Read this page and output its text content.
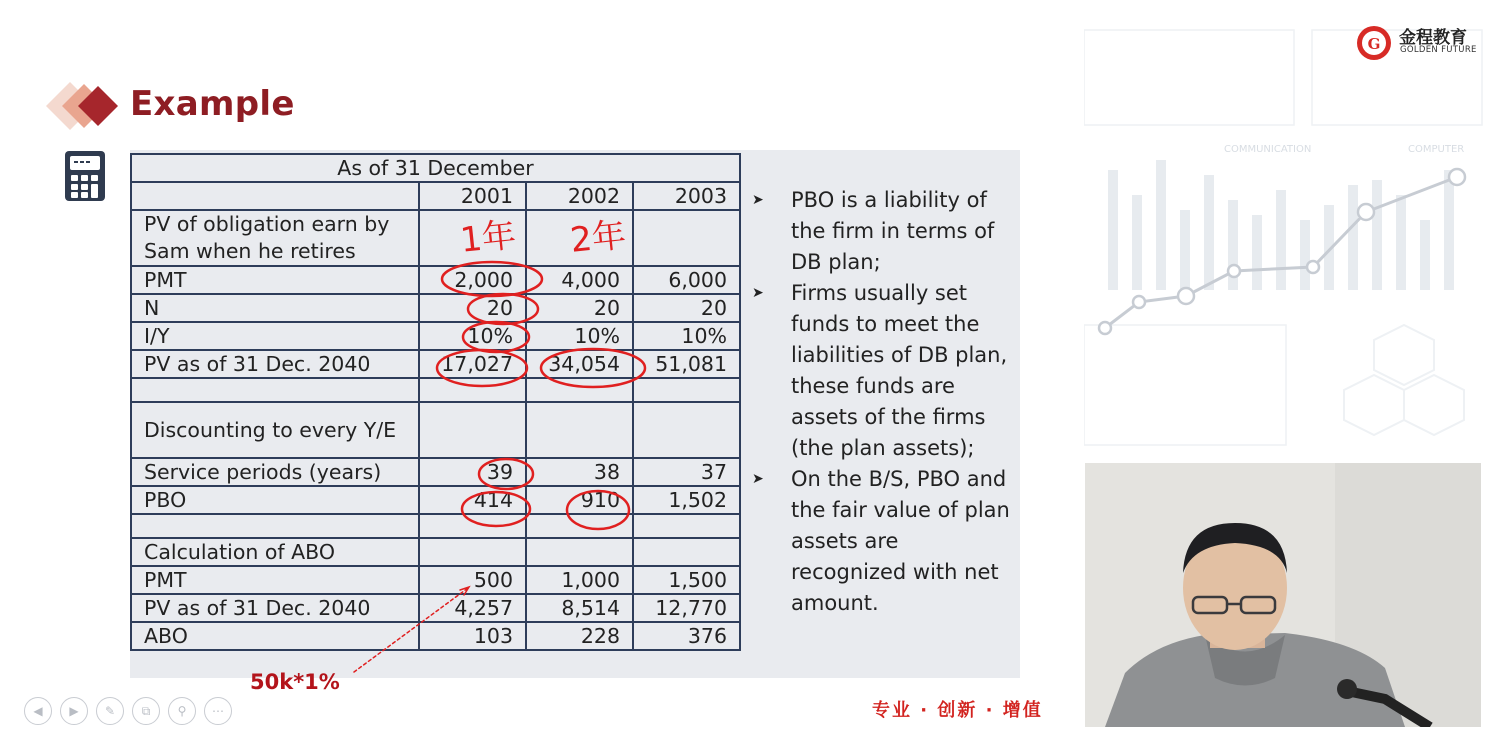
Example
As of 31 December			
	2001	2002	2003
PV of obligation earn by Sam when he retires			
PMT	2,000	4,000	6,000
N	20	20	20
I/Y	10%	10%	10%
PV as of 31 Dec. 2040	17,027	34,054	51,081

Discounting to every Y/E			
Service periods (years)	39	38	37
PBO	414	910	1,502

Calculation of ABO			
PMT	500	1,000	1,500
PV as of 31 Dec. 2040	4,257	8,514	12,770
ABO	103	228	376
➤ PBO is a liability of the firm in terms of DB plan;
➤ Firms usually set funds to meet the liabilities of DB plan, these funds are assets of the firms (the plan assets);
➤ On the B/S, PBO and the fair value of plan assets are recognized with net amount.
1年 2年
50k*1%
专业 · 创新 · 增值
◀	▶	✎	⧉	⚲	⋯
COMMUNICATION	COMPUTER
G 金程教育
GOLDEN FUTURE
